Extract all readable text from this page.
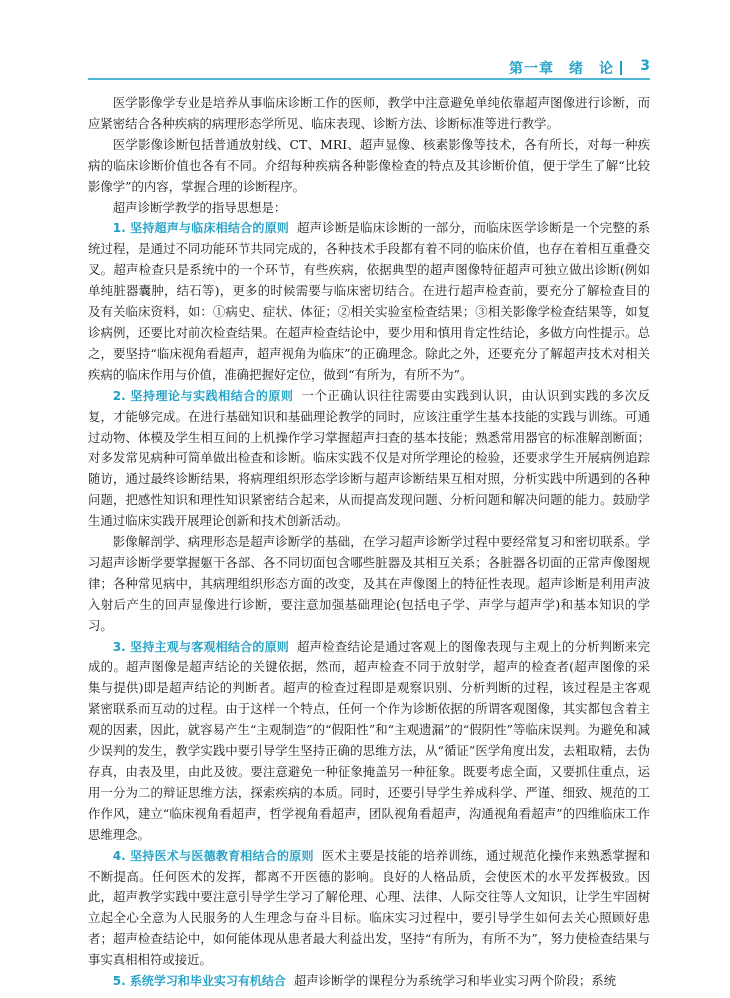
第一章　绪　论	3

医学影像学专业是培养从事临床诊断工作的医师，教学中注意避免单纯依靠超声图像进行诊断，而应紧密结合各种疾病的病理形态学所见、临床表现、诊断方法、诊断标准等进行教学。

医学影像诊断包括普通放射线、CT、MRI、超声显像、核素影像等技术，各有所长，对每一种疾病的临床诊断价值也各有不同。介绍每种疾病各种影像检查的特点及其诊断价值，便于学生了解“比较影像学”的内容，掌握合理的诊断程序。

超声诊断学教学的指导思想是：

1. 坚持超声与临床相结合的原则 超声诊断是临床诊断的一部分，而临床医学诊断是一个完整的系统过程，是通过不同功能环节共同完成的，各种技术手段都有着不同的临床价值，也存在着相互重叠交叉。超声检查只是系统中的一个环节，有些疾病，依据典型的超声图像特征超声可独立做出诊断(例如单纯脏器囊肿，结石等)，更多的时候需要与临床密切结合。在进行超声检查前，要充分了解检查目的及有关临床资料，如：①病史、症状、体征；②相关实验室检查结果；③相关影像学检查结果等，如复诊病例，还要比对前次检查结果。在超声检查结论中，要少用和慎用肯定性结论，多做方向性提示。总之，要坚持“临床视角看超声，超声视角为临床”的正确理念。除此之外，还要充分了解超声技术对相关疾病的临床作用与价值，准确把握好定位，做到“有所为，有所不为”。

2. 坚持理论与实践相结合的原则 一个正确认识往往需要由实践到认识，由认识到实践的多次反复，才能够完成。在进行基础知识和基础理论教学的同时，应该注重学生基本技能的实践与训练。可通过动物、体模及学生相互间的上机操作学习掌握超声扫查的基本技能；熟悉常用器官的标准解剖断面；对多发常见病种可简单做出检查和诊断。临床实践不仅是对所学理论的检验，还要求学生开展病例追踪随访，通过最终诊断结果，将病理组织形态学诊断与超声诊断结果互相对照，分析实践中所遇到的各种问题，把感性知识和理性知识紧密结合起来，从而提高发现问题、分析问题和解决问题的能力。鼓励学生通过临床实践开展理论创新和技术创新活动。

影像解剖学、病理形态是超声诊断学的基础，在学习超声诊断学过程中要经常复习和密切联系。学习超声诊断学要掌握躯干各部、各不同切面包含哪些脏器及其相互关系；各脏器各切面的正常声像图规律；各种常见病中，其病理组织形态方面的改变，及其在声像图上的特征性表现。超声诊断是利用声波入射后产生的回声显像进行诊断，要注意加强基础理论(包括电子学、声学与超声学)和基本知识的学习。

3. 坚持主观与客观相结合的原则 超声检查结论是通过客观上的图像表现与主观上的分析判断来完成的。超声图像是超声结论的关键依据，然而，超声检查不同于放射学，超声的检查者(超声图像的采集与提供)即是超声结论的判断者。超声的检查过程即是观察识别、分析判断的过程，该过程是主客观紧密联系而互动的过程。由于这样一个特点，任何一个作为诊断依据的所谓客观图像，其实都包含着主观的因素，因此，就容易产生“主观制造”的“假阳性”和“主观遗漏”的“假阴性”等临床误判。为避免和减少误判的发生，教学实践中要引导学生坚持正确的思维方法，从“循证”医学角度出发，去粗取精，去伪存真，由表及里，由此及彼。要注意避免一种征象掩盖另一种征象。既要考虑全面，又要抓住重点，运用一分为二的辩证思维方法，探索疾病的本质。同时，还要引导学生养成科学、严谨、细致、规范的工作作风，建立“临床视角看超声，哲学视角看超声，团队视角看超声，沟通视角看超声”的四维临床工作思维理念。

4. 坚持医术与医德教育相结合的原则 医术主要是技能的培养训练，通过规范化操作来熟悉掌握和不断提高。任何医术的发挥，都离不开医德的影响。良好的人格品质，会使医术的水平发挥极致。因此，超声教学实践中要注意引导学生学习了解伦理、心理、法律、人际交往等人文知识，让学生牢固树立起全心全意为人民服务的人生理念与奋斗目标。临床实习过程中，要引导学生如何去关心照顾好患者；超声检查结论中，如何能体现从患者最大利益出发，坚持“有所为，有所不为”，努力使检查结果与事实真相相符或接近。

5. 系统学习和毕业实习有机结合 超声诊断学的课程分为系统学习和毕业实习两个阶段；系统
